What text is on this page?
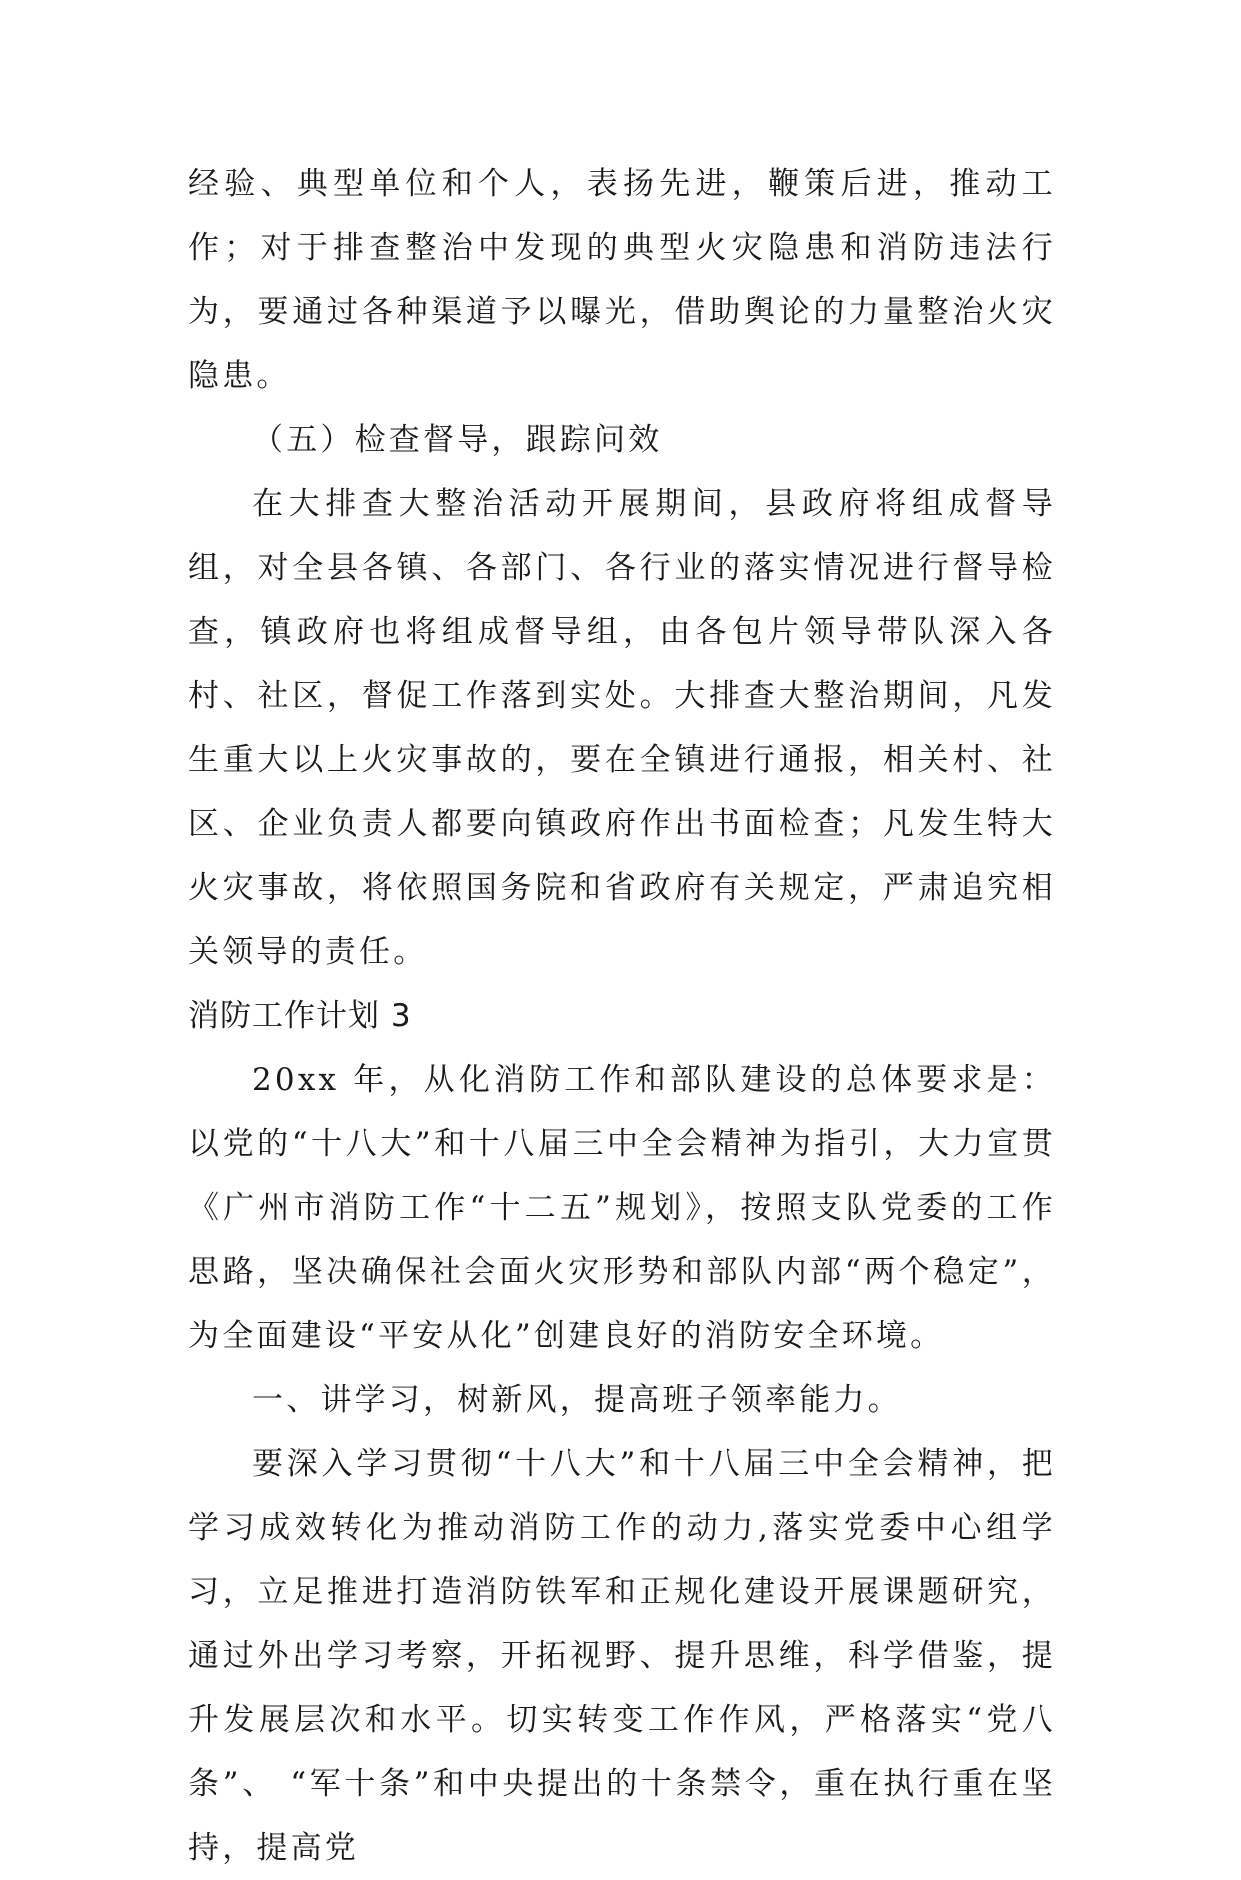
经验、典型单位和个人，表扬先进，鞭策后进，推动工作；对于排查整治中发现的典型火灾隐患和消防违法行为，要通过各种渠道予以曝光，借助舆论的力量整治火灾隐患。

（五）检查督导，跟踪问效

在大排查大整治活动开展期间，县政府将组成督导组，对全县各镇、各部门、各行业的落实情况进行督导检查，镇政府也将组成督导组，由各包片领导带队深入各村、社区，督促工作落到实处。大排查大整治期间，凡发生重大以上火灾事故的，要在全镇进行通报，相关村、社区、企业负责人都要向镇政府作出书面检查；凡发生特大火灾事故，将依照国务院和省政府有关规定，严肃追究相关领导的责任。

消防工作计划 3

20xx 年，从化消防工作和部队建设的总体要求是：以党的“十八大”和十八届三中全会精神为指引，大力宣贯《广州市消防工作“十二五”规划》，按照支队党委的工作思路，坚决确保社会面火灾形势和部队内部“两个稳定”，为全面建设“平安从化”创建良好的消防安全环境。

一、讲学习，树新风，提高班子领率能力。

要深入学习贯彻“十八大”和十八届三中全会精神，把学习成效转化为推动消防工作的动力,落实党委中心组学习，立足推进打造消防铁军和正规化建设开展课题研究，通过外出学习考察，开拓视野、提升思维，科学借鉴，提升发展层次和水平。切实转变工作作风，严格落实“党八条”、 “军十条”和中央提出的十条禁令，重在执行重在坚持，提高党
